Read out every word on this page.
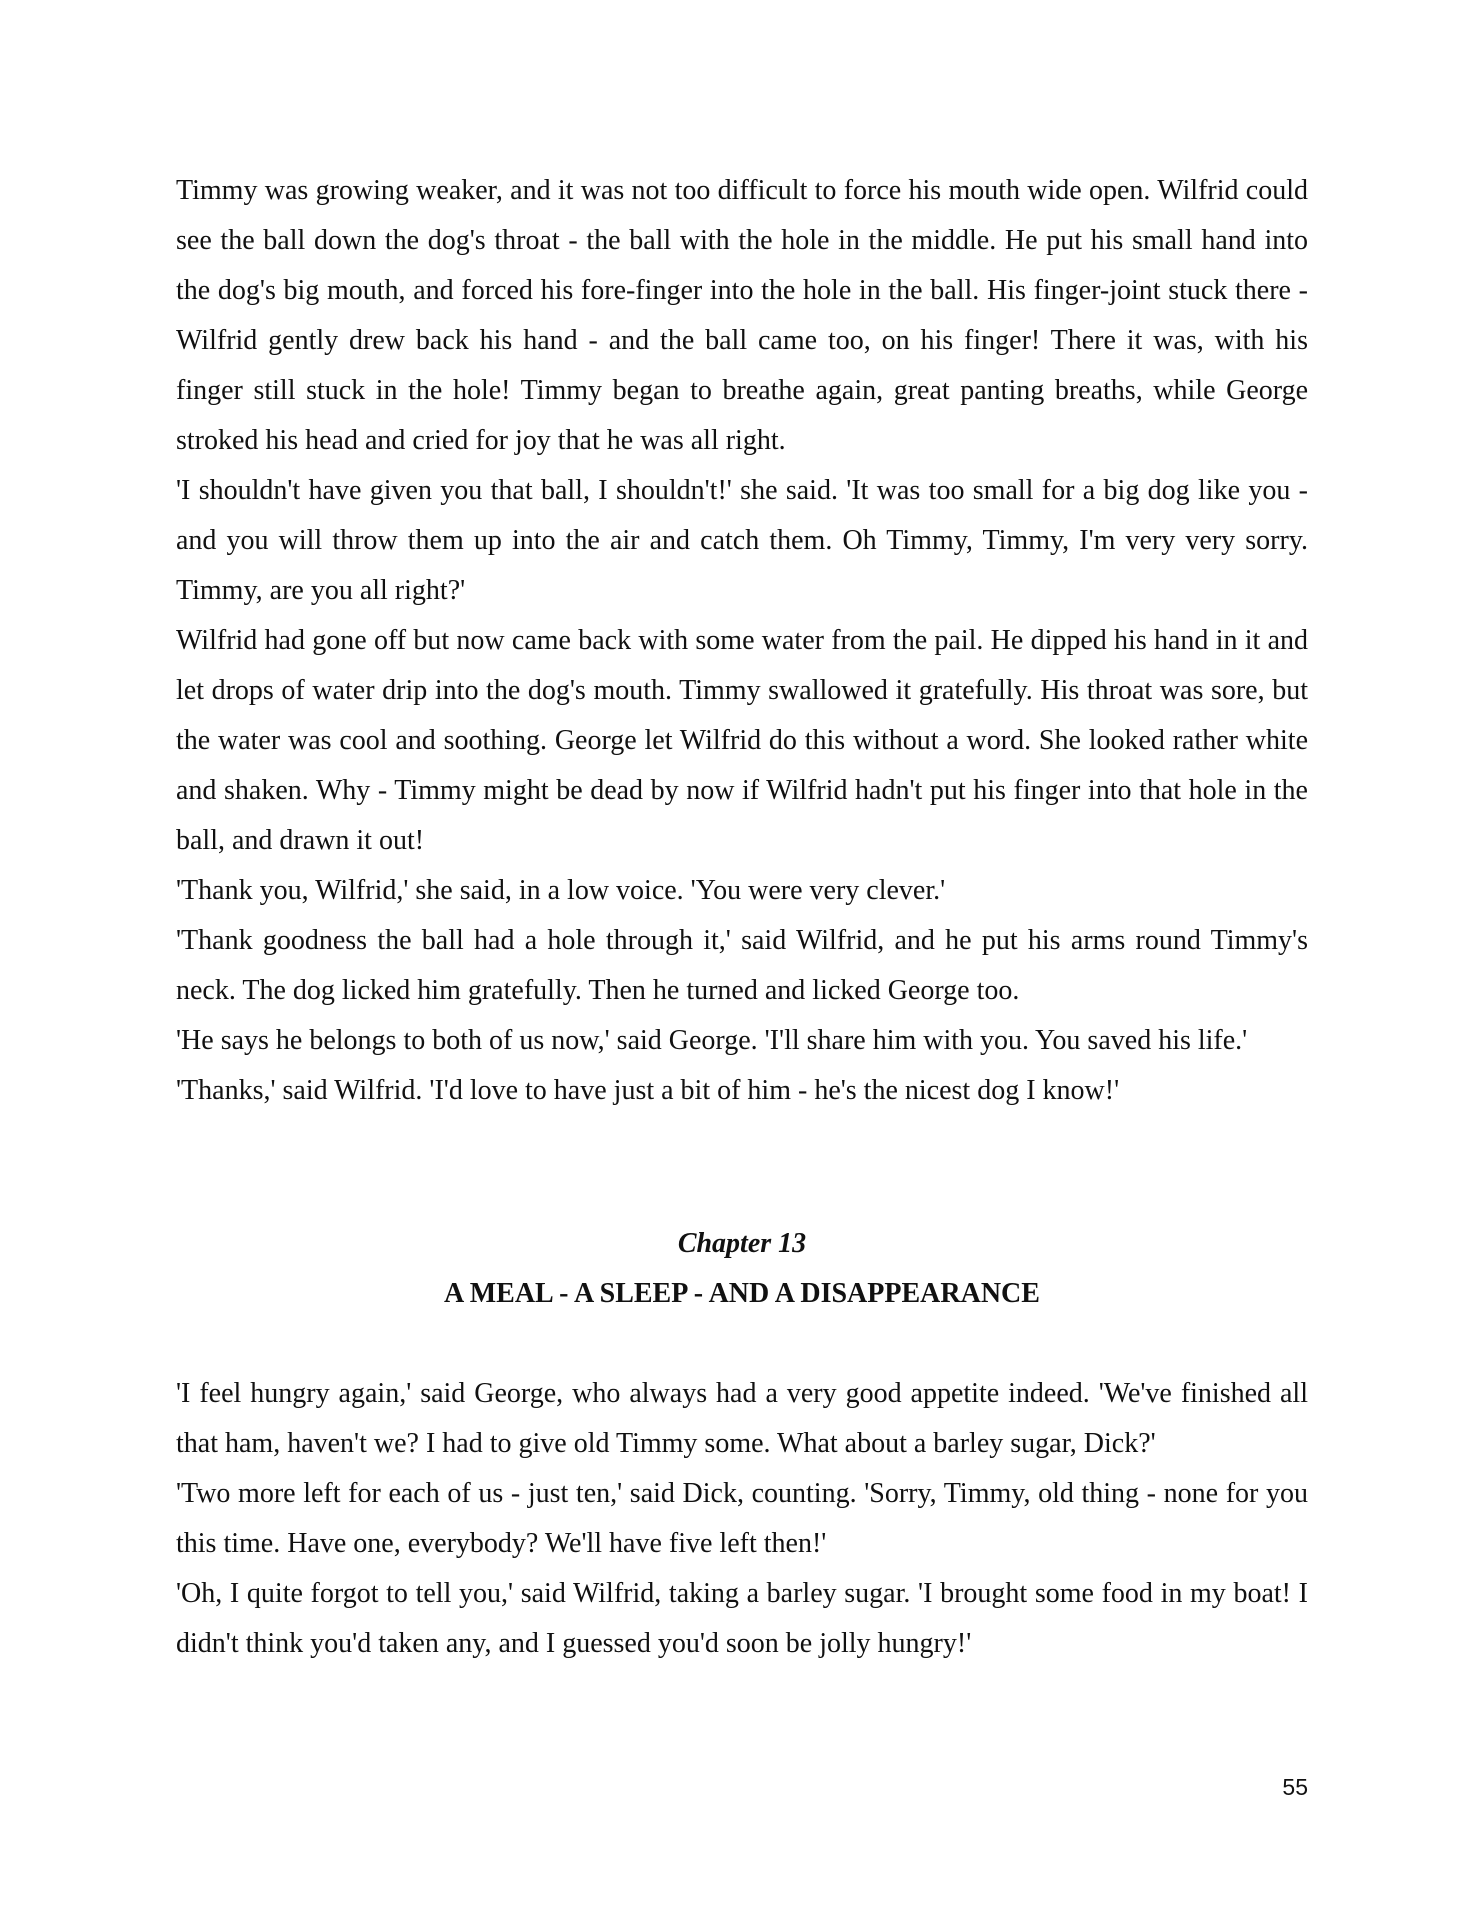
Timmy was growing weaker, and it was not too difficult to force his mouth wide open. Wilfrid could see the ball down the dog's throat - the ball with the hole in the middle. He put his small hand into the dog's big mouth, and forced his fore-finger into the hole in the ball. His finger-joint stuck there - Wilfrid gently drew back his hand - and the ball came too, on his finger! There it was, with his finger still stuck in the hole! Timmy began to breathe again, great panting breaths, while George stroked his head and cried for joy that he was all right.

'I shouldn't have given you that ball, I shouldn't!' she said. 'It was too small for a big dog like you - and you will throw them up into the air and catch them. Oh Timmy, Timmy, I'm very very sorry. Timmy, are you all right?'

Wilfrid had gone off but now came back with some water from the pail. He dipped his hand in it and let drops of water drip into the dog's mouth. Timmy swallowed it gratefully. His throat was sore, but the water was cool and soothing. George let Wilfrid do this without a word. She looked rather white and shaken. Why - Timmy might be dead by now if Wilfrid hadn't put his finger into that hole in the ball, and drawn it out!

'Thank you, Wilfrid,' she said, in a low voice. 'You were very clever.'

'Thank goodness the ball had a hole through it,' said Wilfrid, and he put his arms round Timmy's neck. The dog licked him gratefully. Then he turned and licked George too.

'He says he belongs to both of us now,' said George. 'I'll share him with you. You saved his life.'

'Thanks,' said Wilfrid. 'I'd love to have just a bit of him - he's the nicest dog I know!'

Chapter 13
A MEAL - A SLEEP - AND A DISAPPEARANCE

'I feel hungry again,' said George, who always had a very good appetite indeed. 'We've finished all that ham, haven't we? I had to give old Timmy some. What about a barley sugar, Dick?'

'Two more left for each of us - just ten,' said Dick, counting. 'Sorry, Timmy, old thing - none for you this time. Have one, everybody? We'll have five left then!'

'Oh, I quite forgot to tell you,' said Wilfrid, taking a barley sugar. 'I brought some food in my boat! I didn't think you'd taken any, and I guessed you'd soon be jolly hungry!'

55
